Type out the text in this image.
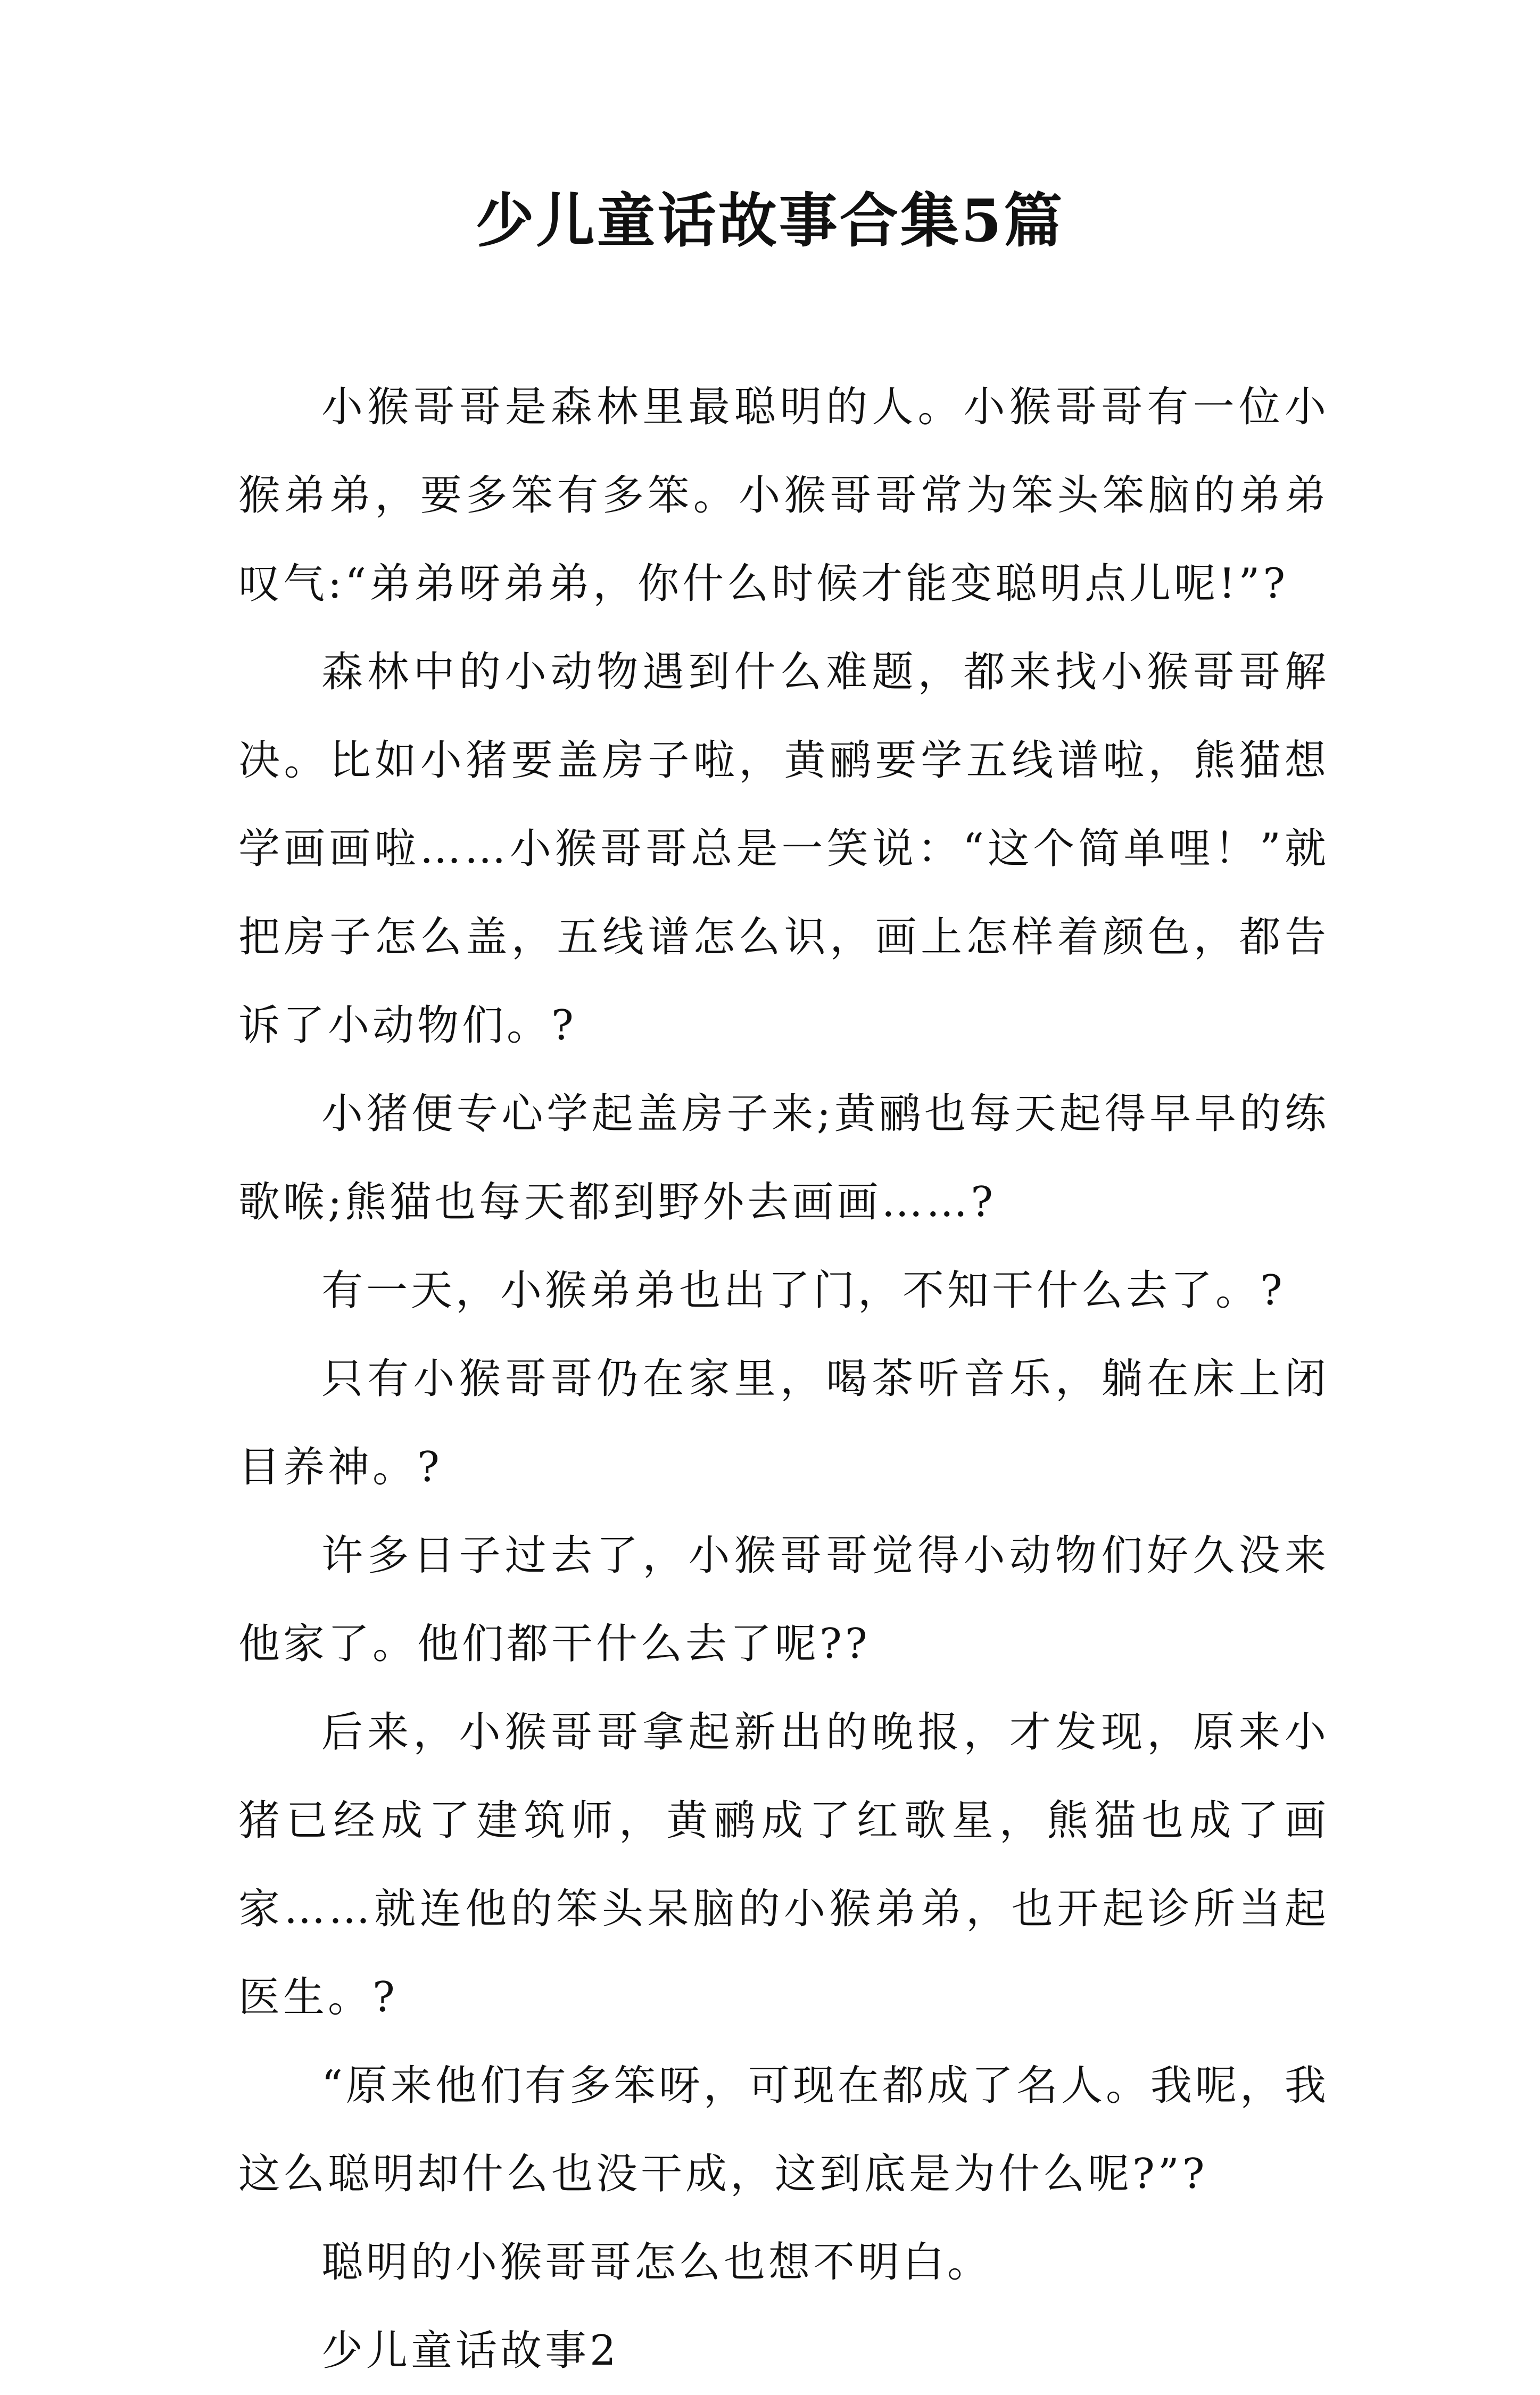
少儿童话故事合集5篇

小猴哥哥是森林里最聪明的人。小猴哥哥有一位小猴弟弟，要多笨有多笨。小猴哥哥常为笨头笨脑的弟弟叹气:“弟弟呀弟弟，你什么时候才能变聪明点儿呢!”?

森林中的小动物遇到什么难题，都来找小猴哥哥解决。比如小猪要盖房子啦，黄鹂要学五线谱啦，熊猫想学画画啦……小猴哥哥总是一笑说：“这个简单哩！”就把房子怎么盖，五线谱怎么识，画上怎样着颜色，都告诉了小动物们。?

小猪便专心学起盖房子来;黄鹂也每天起得早早的练歌喉;熊猫也每天都到野外去画画……?

有一天，小猴弟弟也出了门，不知干什么去了。?

只有小猴哥哥仍在家里，喝茶听音乐，躺在床上闭目养神。?

许多日子过去了，小猴哥哥觉得小动物们好久没来他家了。他们都干什么去了呢??

后来，小猴哥哥拿起新出的晚报，才发现，原来小猪已经成了建筑师，黄鹂成了红歌星，熊猫也成了画家……就连他的笨头呆脑的小猴弟弟，也开起诊所当起医生。?

“原来他们有多笨呀，可现在都成了名人。我呢，我这么聪明却什么也没干成，这到底是为什么呢?”?

聪明的小猴哥哥怎么也想不明白。

少儿童话故事2
